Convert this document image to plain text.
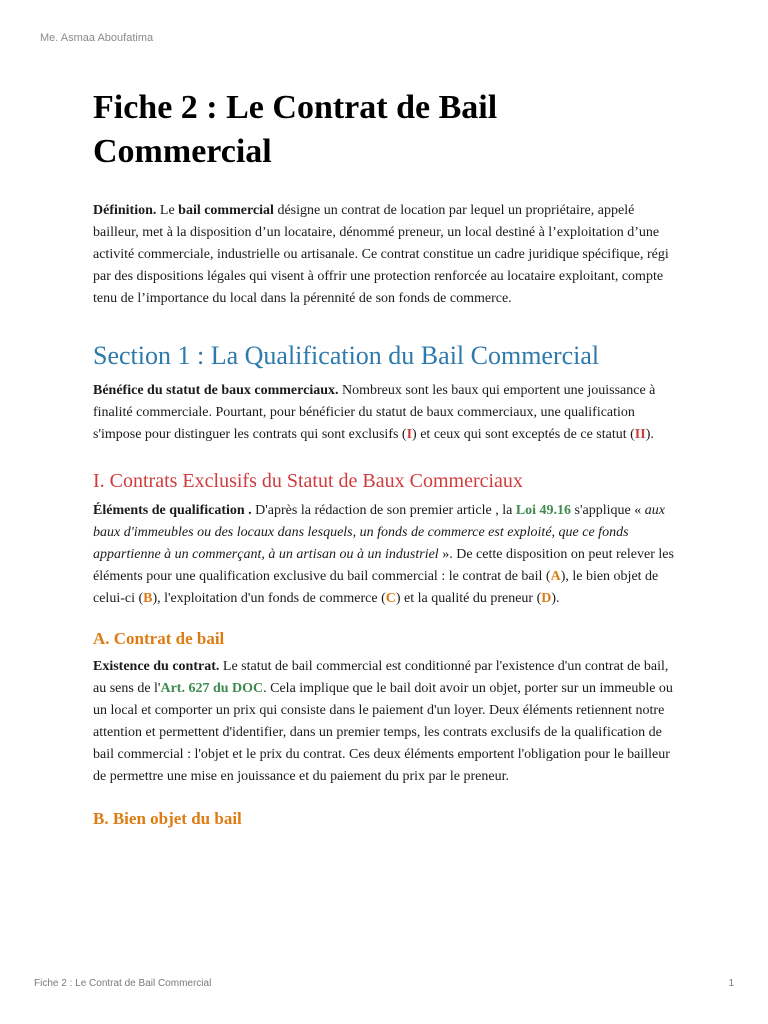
Me. Asmaa Aboufatima
Fiche 2 : Le Contrat de Bail Commercial

Définition. Le bail commercial désigne un contrat de location par lequel un propriétaire, appelé bailleur, met à la disposition d’un locataire, dénommé preneur, un local destiné à l’exploitation d’une activité commerciale, industrielle ou artisanale. Ce contrat constitue un cadre juridique spécifique, régi par des dispositions légales qui visent à offrir une protection renforcée au locataire exploitant, compte tenu de l’importance du local dans la pérennité de son fonds de commerce.

Section 1 : La Qualification du Bail Commercial

Bénéfice du statut de baux commerciaux. Nombreux sont les baux qui emportent une jouissance à finalité commerciale. Pourtant, pour bénéficier du statut de baux commerciaux, une qualification s'impose pour distinguer les contrats qui sont exclusifs (I) et ceux qui sont exceptés de ce statut (II).

I. Contrats Exclusifs du Statut de Baux Commerciaux

Éléments de qualification . D'après la rédaction de son premier article , la Loi 49.16 s'applique « aux baux d'immeubles ou des locaux dans lesquels, un fonds de commerce est exploité, que ce fonds appartienne à un commerçant, à un artisan ou à un industriel ». De cette disposition on peut relever les éléments pour une qualification exclusive du bail commercial : le contrat de bail (A), le bien objet de celui-ci (B), l'exploitation d'un fonds de commerce (C) et la qualité du preneur (D).

A. Contrat de bail

Existence du contrat. Le statut de bail commercial est conditionné par l'existence d'un contrat de bail, au sens de l'Art. 627 du DOC. Cela implique que le bail doit avoir un objet, porter sur un immeuble ou un local et comporter un prix qui consiste dans le paiement d'un loyer. Deux éléments retiennent notre attention et permettent d'identifier, dans un premier temps, les contrats exclusifs de la qualification de bail commercial : l'objet et le prix du contrat. Ces deux éléments emportent l'obligation pour le bailleur de permettre une mise en jouissance et du paiement du prix par le preneur.

B. Bien objet du bail
Fiche 2 : Le Contrat de Bail Commercial	1
